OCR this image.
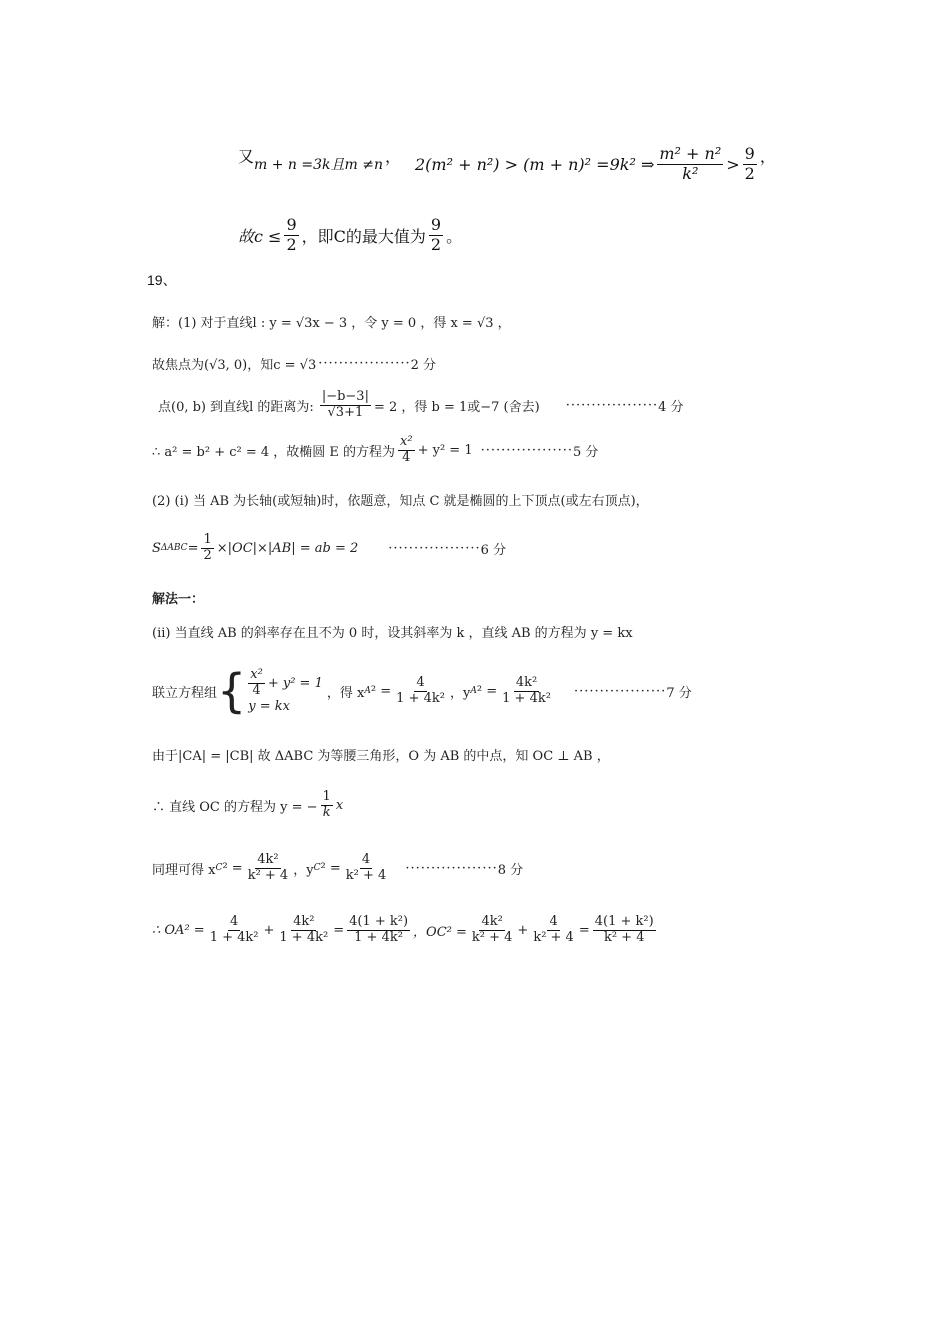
又 m + n =3k且m ≠n ， 2(m² + n²) > (m + n)² =9k² ⇒ $\frac{\text{m² + n²}}{\text{k²}} > \frac{9}{2}$ ，
故$c \le \frac{9}{2}$ ，即C的最大值为 $\frac{9}{2}$ 。
19、
解：(1) 对于直线l : y = √3x − 3 ，令 y = 0 ，得 x = √3 ，
故焦点为(√3, 0)，知c = √3 ·················· 2 分
点(0, b) 到直线l 的距离为: $\frac{|-b-3|}{√3+1} = 2$ ，得 b = 1或−7 (舍去) ·················· 4 分
∴ a² = b² + c² = 4 ，故椭圆 E 的方程为 $\frac{\text{x²}}{4} + y^2 = 1$ ·················· 5 分
(2) (i) 当 AB 为长轴(或短轴)时，依题意，知点 C 就是椭圆的上下顶点(或左右顶点)，
S $\Delta ABC = \frac{1}{2} \times|OC|\times|AB|$ = ab = 2 ·················· 6 分
解法一：
(ii) 当直线 AB 的斜率存在且不为 0 时，设其斜率为 k ，直线 AB 的方程为 y = kx
联立方程组 { $\frac{\text{x²}}{4} + y^2 = 1$
y = kx
，得 x A $^2 = \frac{4}{\text{1 + 4k²}}$ ，y A $^2 = \frac{\text{4k²}}{\text{1 + 4k²}}$ ·················· 7 分
由于|CA| = |CB| 故 ΔABC 为等腰三角形，O 为 AB 的中点，知 OC ⊥ AB ，
∴ 直线 OC 的方程为 y = − $\frac{1}{k}$ x
同理可得 x C $^2 = \frac{\text{4k²}}{\text{k² + 4}}$ ，y C $^2 = \frac{4}{\text{k² + 4}}$ ·················· 8 分
∴ $OA^2 = \frac{4}{\text{1 + 4k²}} + \frac{\text{4k²}}{\text{1 + 4k²}} = \frac{\text{4(1 + k²)}}{\text{1 + 4k²}}$ ，$OC^2 = \frac{\text{4k²}}{\text{k² + 4}} + \frac{4}{\text{k² + 4}} = \frac{\text{4(1 + k²)}}{\text{k² + 4}}$
